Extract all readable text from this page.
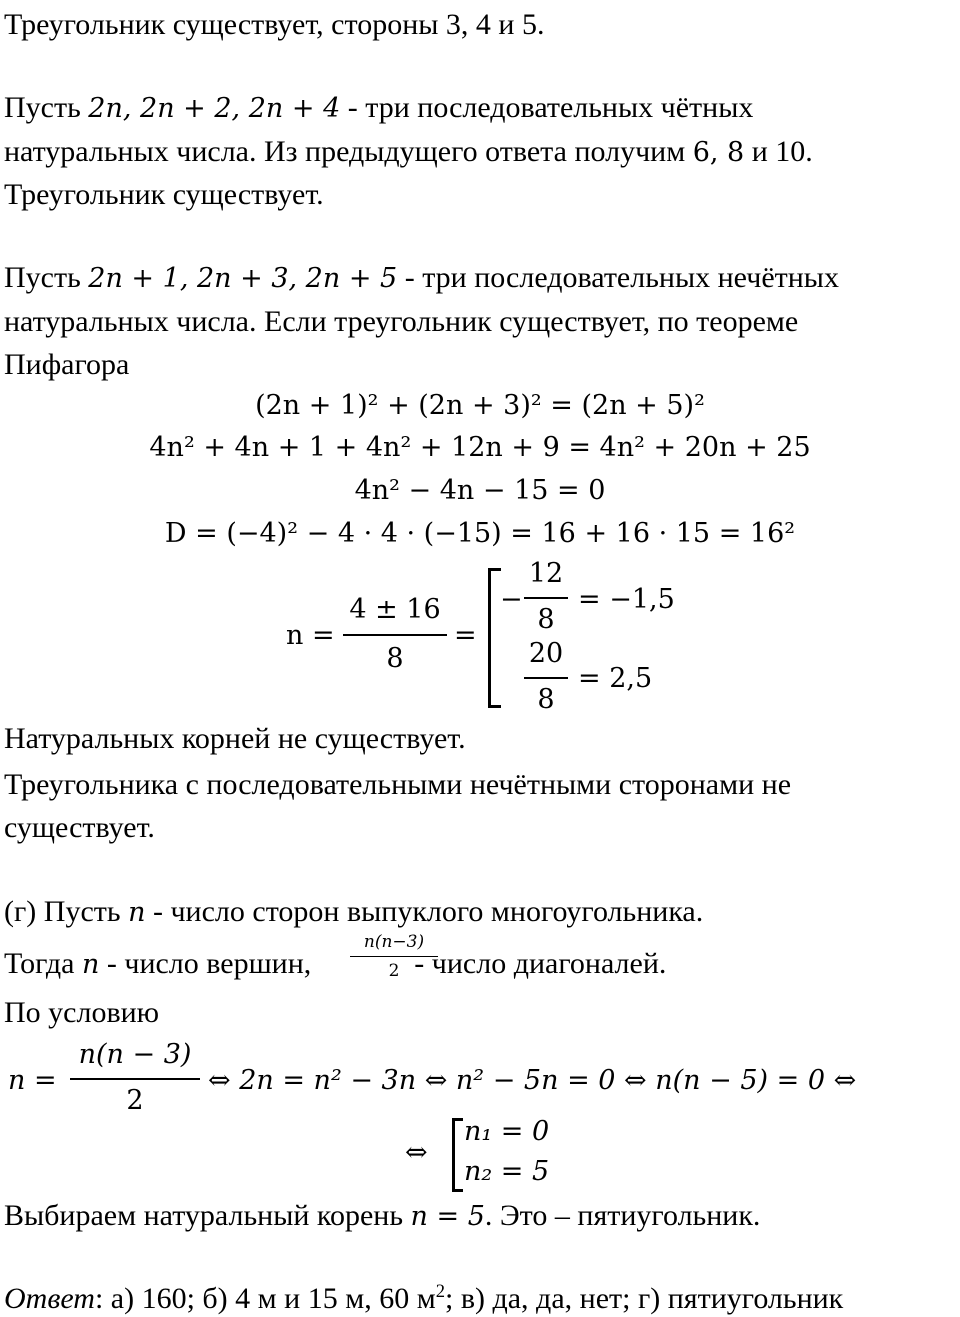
Треугольник существует, стороны 3, 4 и 5.
Пусть 2n, 2n + 2, 2n + 4 - три последовательных чётных
натуральных числа. Из предыдущего ответа получим 6, 8 и 10.
Треугольник существует.
Пусть 2n + 1, 2n + 3, 2n + 5 - три последовательных нечётных
натуральных числа. Если треугольник существует, по теореме
Пифагора
(2n + 1)² + (2n + 3)² = (2n + 5)²
4n² + 4n + 1 + 4n² + 12n + 9 = 4n² + 20n + 25
4n² − 4n − 15 = 0
D = (−4)² − 4 · 4 · (−15) = 16 + 16 · 15 = 16²
n =
4 ± 16
8
=
−
12
8
= −1,5
20
8
= 2,5
Натуральных корней не существует.
Треугольника с последовательными нечётными сторонами не
существует.
(г) Пусть n - число сторон выпуклого многоугольника.
Тогда n - число вершин,	- число диагоналей.
n(n−3)
2
По условию
n =
n(n − 3)
2
⇔ 2n = n² − 3n ⇔ n² − 5n = 0 ⇔ n(n − 5) = 0 ⇔
⇔
n₁ = 0
n₂ = 5
Выбираем натуральный корень n = 5. Это – пятиугольник.
Ответ: а) 160; б) 4 м и 15 м, 60 $м^2$; в) да, да, нет; г) пятиугольник
